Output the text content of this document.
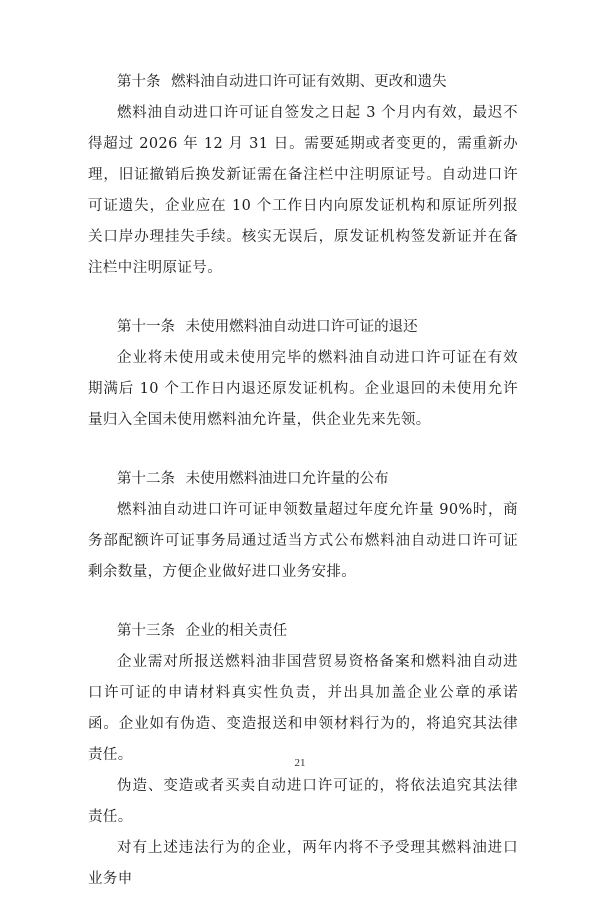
第十条 燃料油自动进口许可证有效期、更改和遗失

燃料油自动进口许可证自签发之日起 3 个月内有效，最迟不得超过 2026 年 12 月 31 日。需要延期或者变更的，需重新办理，旧证撤销后换发新证需在备注栏中注明原证号。自动进口许可证遗失，企业应在 10 个工作日内向原发证机构和原证所列报关口岸办理挂失手续。核实无误后，原发证机构签发新证并在备注栏中注明原证号。

第十一条 未使用燃料油自动进口许可证的退还

企业将未使用或未使用完毕的燃料油自动进口许可证在有效期满后 10 个工作日内退还原发证机构。企业退回的未使用允许量归入全国未使用燃料油允许量，供企业先来先领。

第十二条 未使用燃料油进口允许量的公布

燃料油自动进口许可证申领数量超过年度允许量 90%时，商务部配额许可证事务局通过适当方式公布燃料油自动进口许可证剩余数量，方便企业做好进口业务安排。

第十三条 企业的相关责任

企业需对所报送燃料油非国营贸易资格备案和燃料油自动进口许可证的申请材料真实性负责，并出具加盖企业公章的承诺函。企业如有伪造、变造报送和申领材料行为的，将追究其法律责任。

伪造、变造或者买卖自动进口许可证的，将依法追究其法律责任。

对有上述违法行为的企业，两年内将不予受理其燃料油进口业务申

21
